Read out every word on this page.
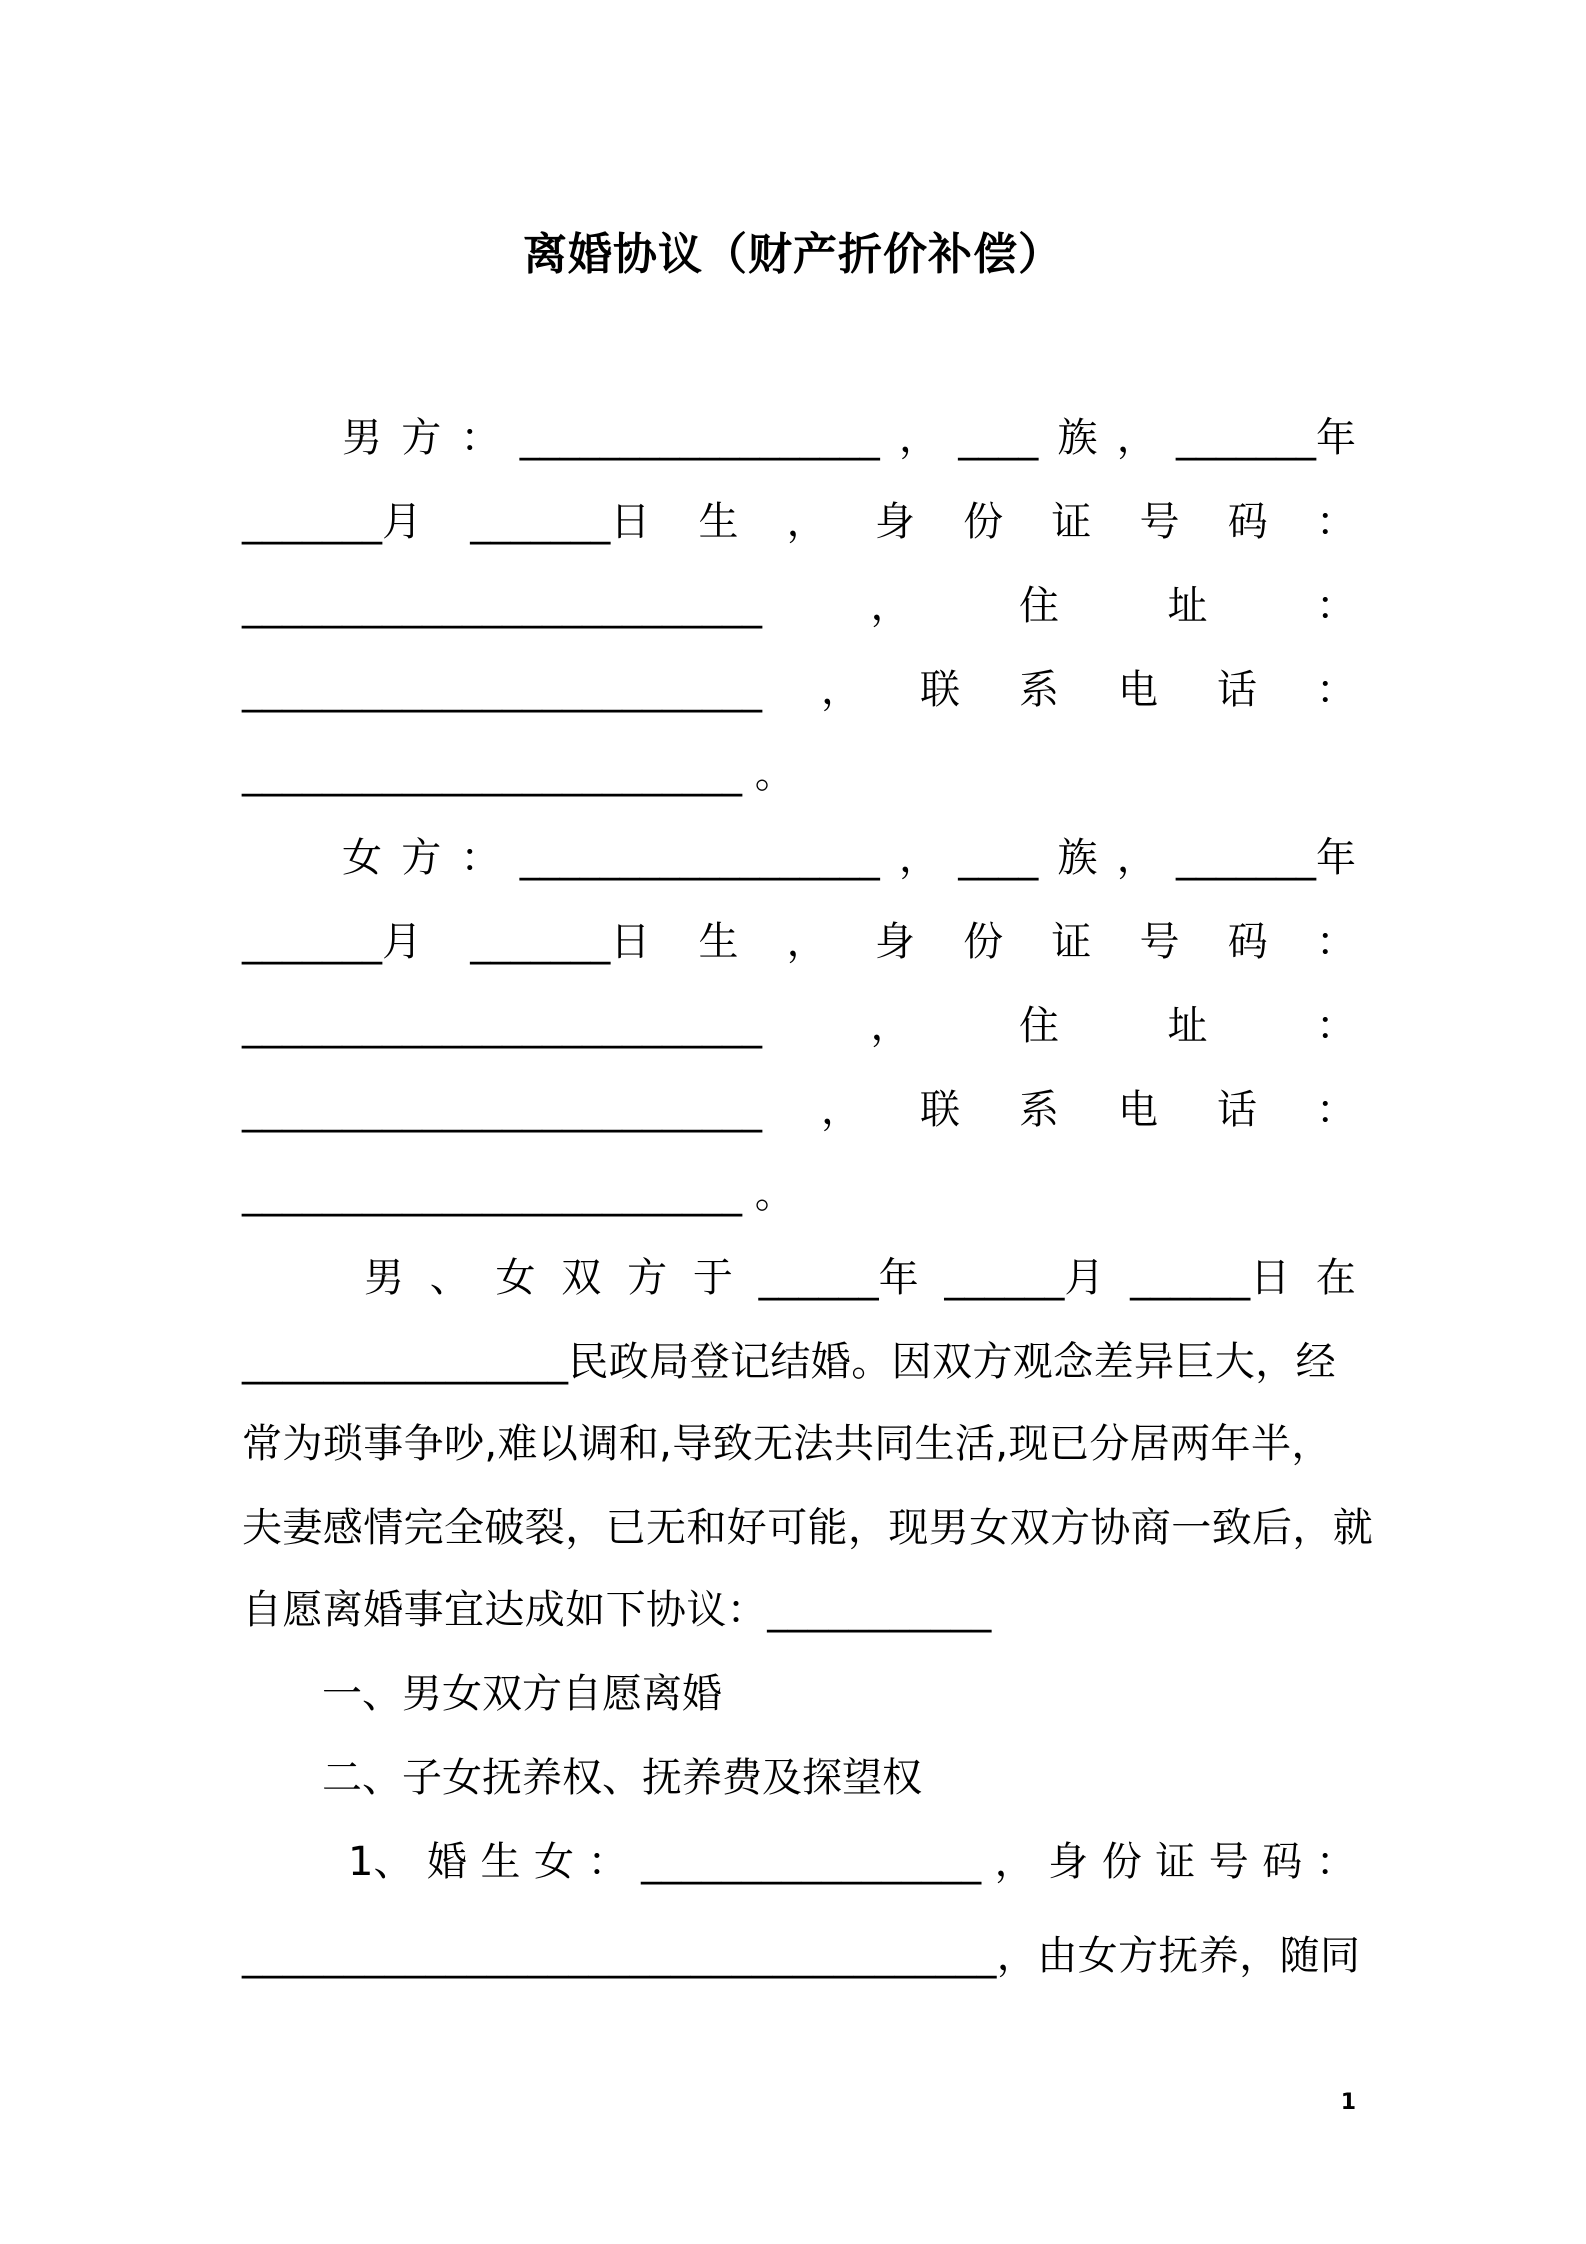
离婚协议（财产折价补偿）
男 方 ： __________________ ， ____ 族 ， _______年
_______月 _______日 生 ， 身 份 证 号 码 ：
__________________________	，	住	址	：
__________________________ ， 联 系 电 话 ：
_________________________ 。
女 方 ： __________________ ， ____ 族 ， _______年
_______月 _______日 生 ， 身 份 证 号 码 ：
__________________________	，	住	址	：
__________________________ ， 联 系 电 话 ：
_________________________ 。
男 、 女 双 方 于 ______年 ______月 ______日 在
________________民政局登记结婚。因双方观念差异巨大，经
常为琐事争吵,难以调和,导致无法共同生活,现已分居两年半，
夫妻感情完全破裂，已无和好可能，现男女双方协商一致后，就
自愿离婚事宜达成如下协议：___________
一、男女双方自愿离婚
二、子女抚养权、抚养费及探望权
1、 婚 生 女 ： _________________ ， 身 份 证 号 码 ：
_____________________________________，由女方抚养，随同
1
